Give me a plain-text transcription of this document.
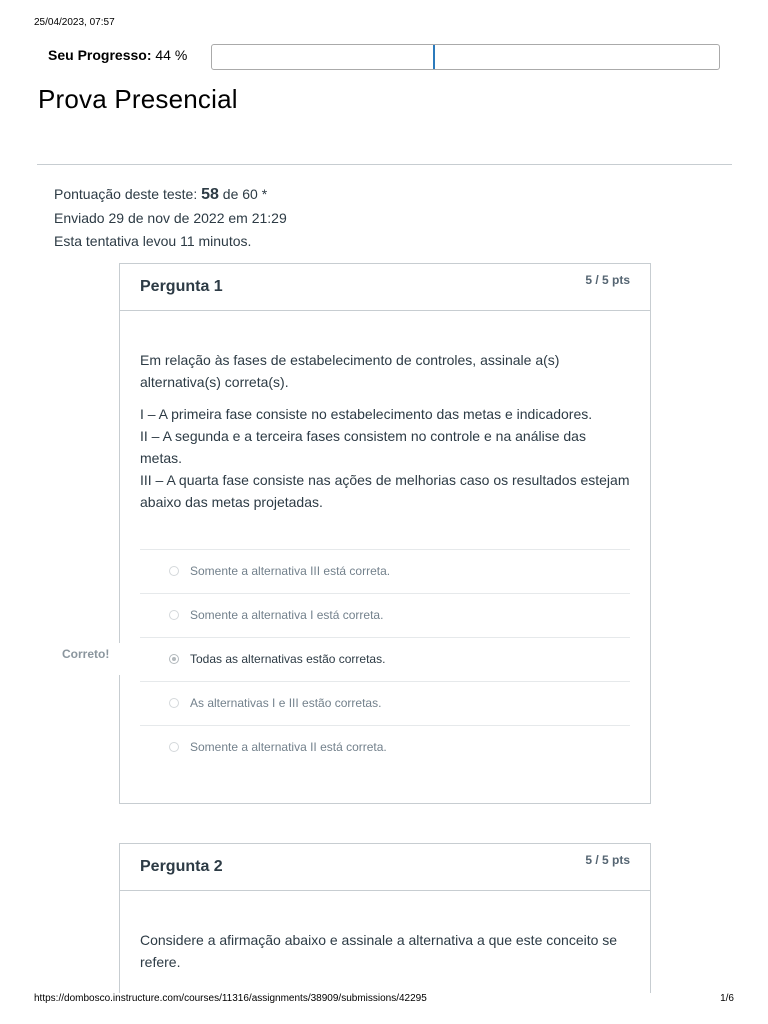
25/04/2023, 07:57
Seu Progresso: 44 %
Prova Presencial
Pontuação deste teste: 58 de 60 *
Enviado 29 de nov de 2022 em 21:29
Esta tentativa levou 11 minutos.
Pergunta 1	5 / 5 pts

Em relação às fases de estabelecimento de controles, assinale a(s) alternativa(s) correta(s).

I – A primeira fase consiste no estabelecimento das metas e indicadores.
II – A segunda e a terceira fases consistem no controle e na análise das metas.
III – A quarta fase consiste nas ações de melhorias caso os resultados estejam abaixo das metas projetadas.

Somente a alternativa III está correta.
Somente a alternativa I está correta.
Correto!	Todas as alternativas estão corretas.
As alternativas I e III estão corretas.
Somente a alternativa II está correta.
Pergunta 2	5 / 5 pts

Considere a afirmação abaixo e assinale a alternativa a que este conceito se refere.

https://dombosco.instructure.com/courses/11316/assignments/38909/submissions/42295	1/6
